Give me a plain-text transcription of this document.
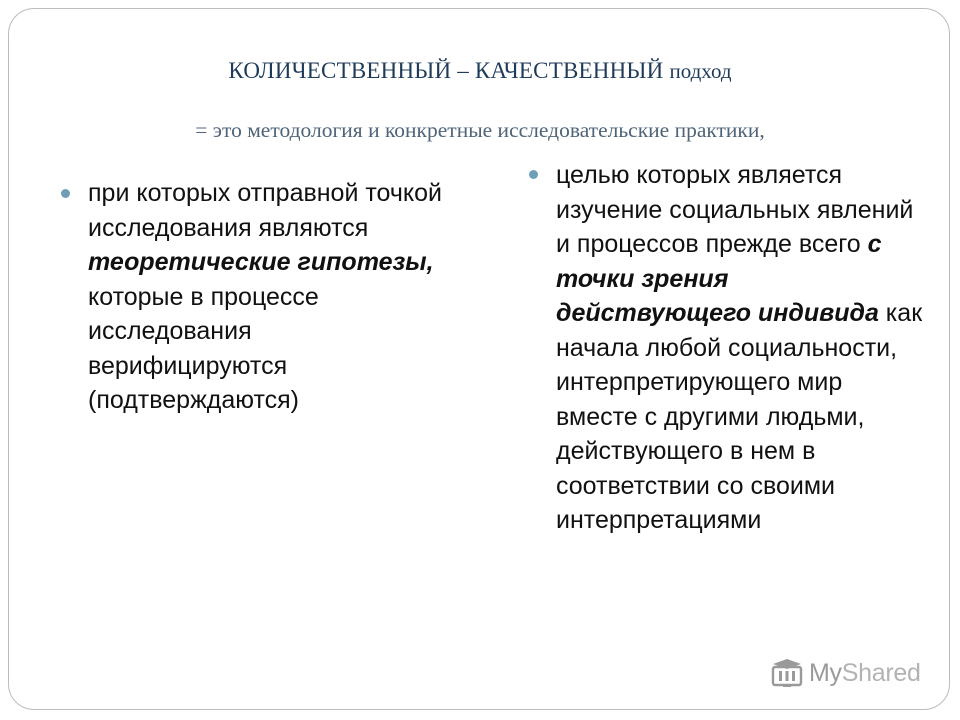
КОЛИЧЕСТВЕННЫЙ – КАЧЕСТВЕННЫЙ подход
= это методология и конкретные исследовательские практики,
при которых отправной точкой исследования являются теоретические гипотезы, которые в процессе исследования верифицируются (подтверждаются)
целью которых является изучение социальных явлений и процессов прежде всего с точки зрения действующего индивида как начала любой социальности, интерпретирующего мир вместе с другими людьми, действующего в нем в соответствии со своими интерпретациями
My Shared
